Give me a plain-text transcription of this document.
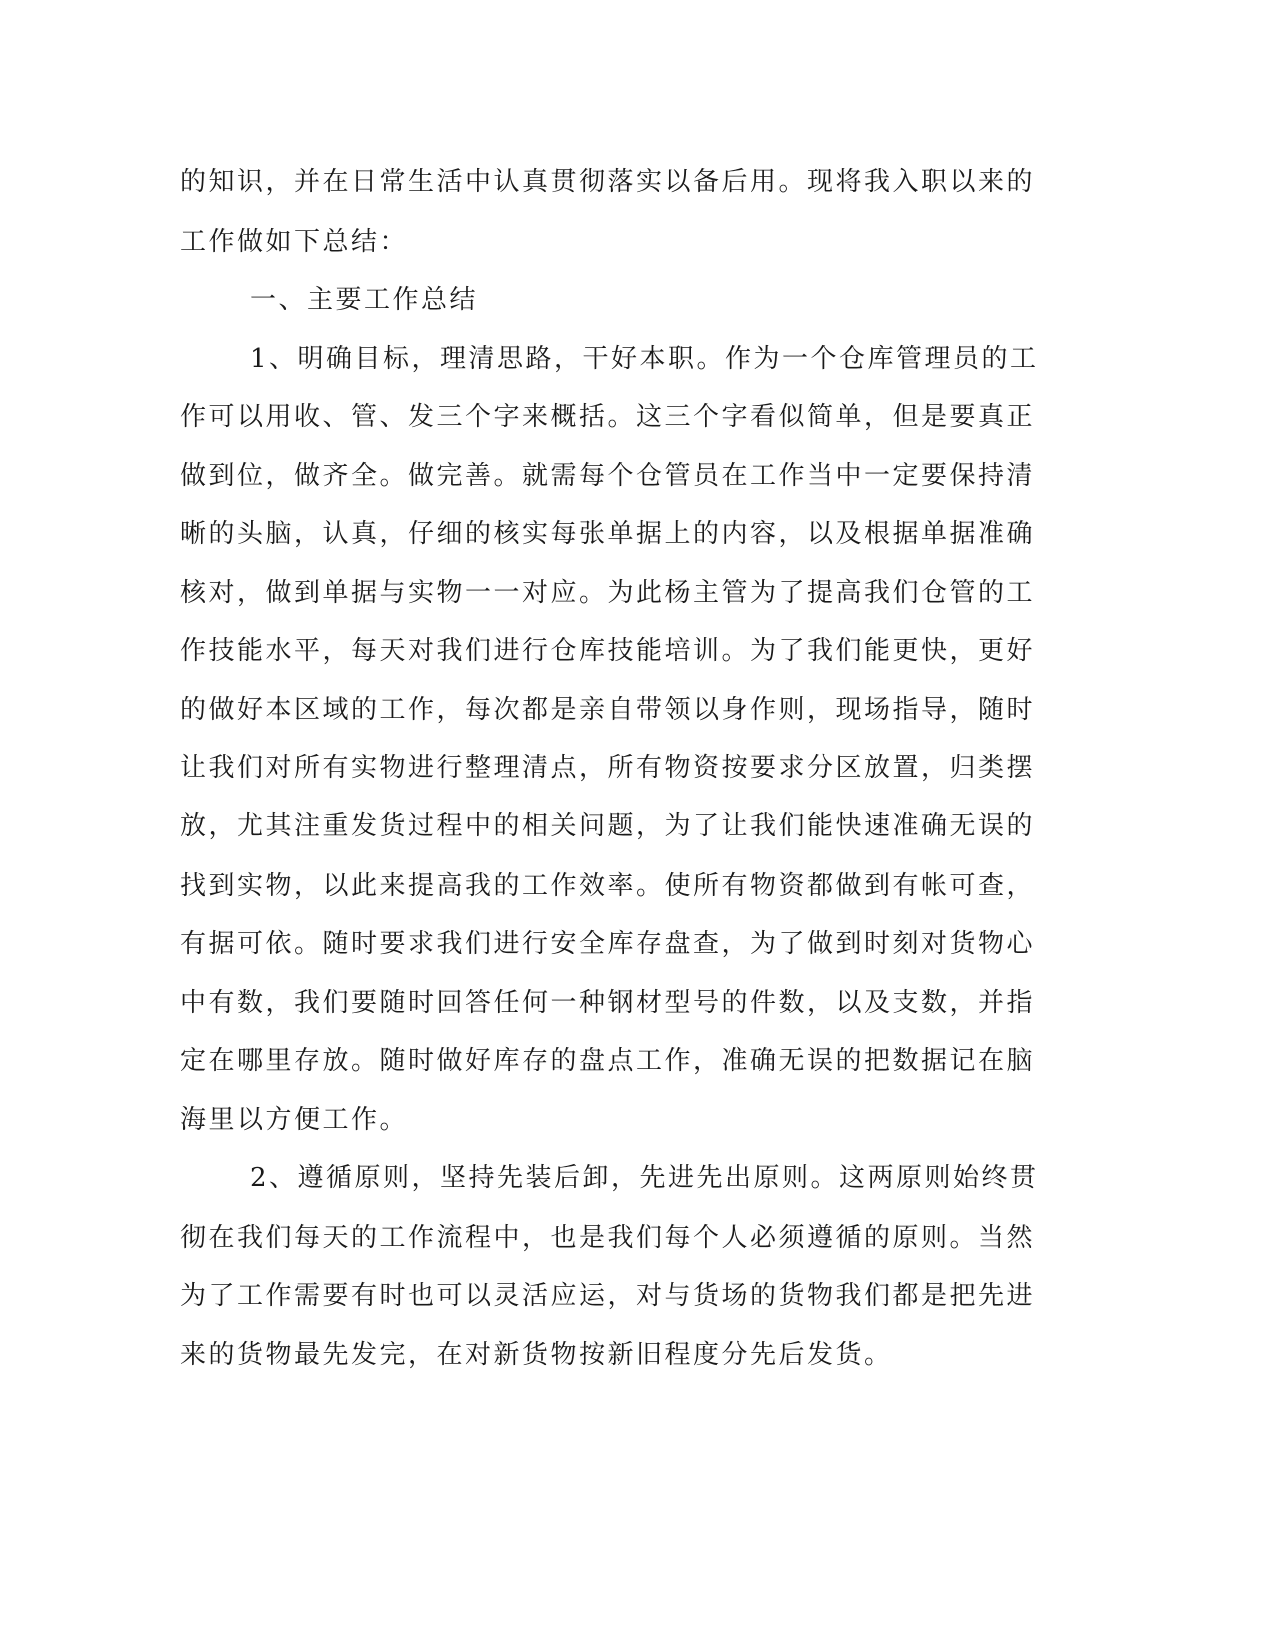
的知识，并在日常生活中认真贯彻落实以备后用。现将我入职以来的

工作做如下总结：

一、主要工作总结

1、明确目标，理清思路，干好本职。作为一个仓库管理员的工

作可以用收、管、发三个字来概括。这三个字看似简单，但是要真正

做到位，做齐全。做完善。就需每个仓管员在工作当中一定要保持清

晰的头脑，认真，仔细的核实每张单据上的内容，以及根据单据准确

核对，做到单据与实物一一对应。为此杨主管为了提高我们仓管的工

作技能水平，每天对我们进行仓库技能培训。为了我们能更快，更好

的做好本区域的工作，每次都是亲自带领以身作则，现场指导，随时

让我们对所有实物进行整理清点，所有物资按要求分区放置，归类摆

放，尤其注重发货过程中的相关问题，为了让我们能快速准确无误的

找到实物，以此来提高我的工作效率。使所有物资都做到有帐可查，

有据可依。随时要求我们进行安全库存盘查，为了做到时刻对货物心

中有数，我们要随时回答任何一种钢材型号的件数，以及支数，并指

定在哪里存放。随时做好库存的盘点工作，准确无误的把数据记在脑

海里以方便工作。

2、遵循原则，坚持先装后卸，先进先出原则。这两原则始终贯

彻在我们每天的工作流程中，也是我们每个人必须遵循的原则。当然

为了工作需要有时也可以灵活应运，对与货场的货物我们都是把先进

来的货物最先发完，在对新货物按新旧程度分先后发货。
